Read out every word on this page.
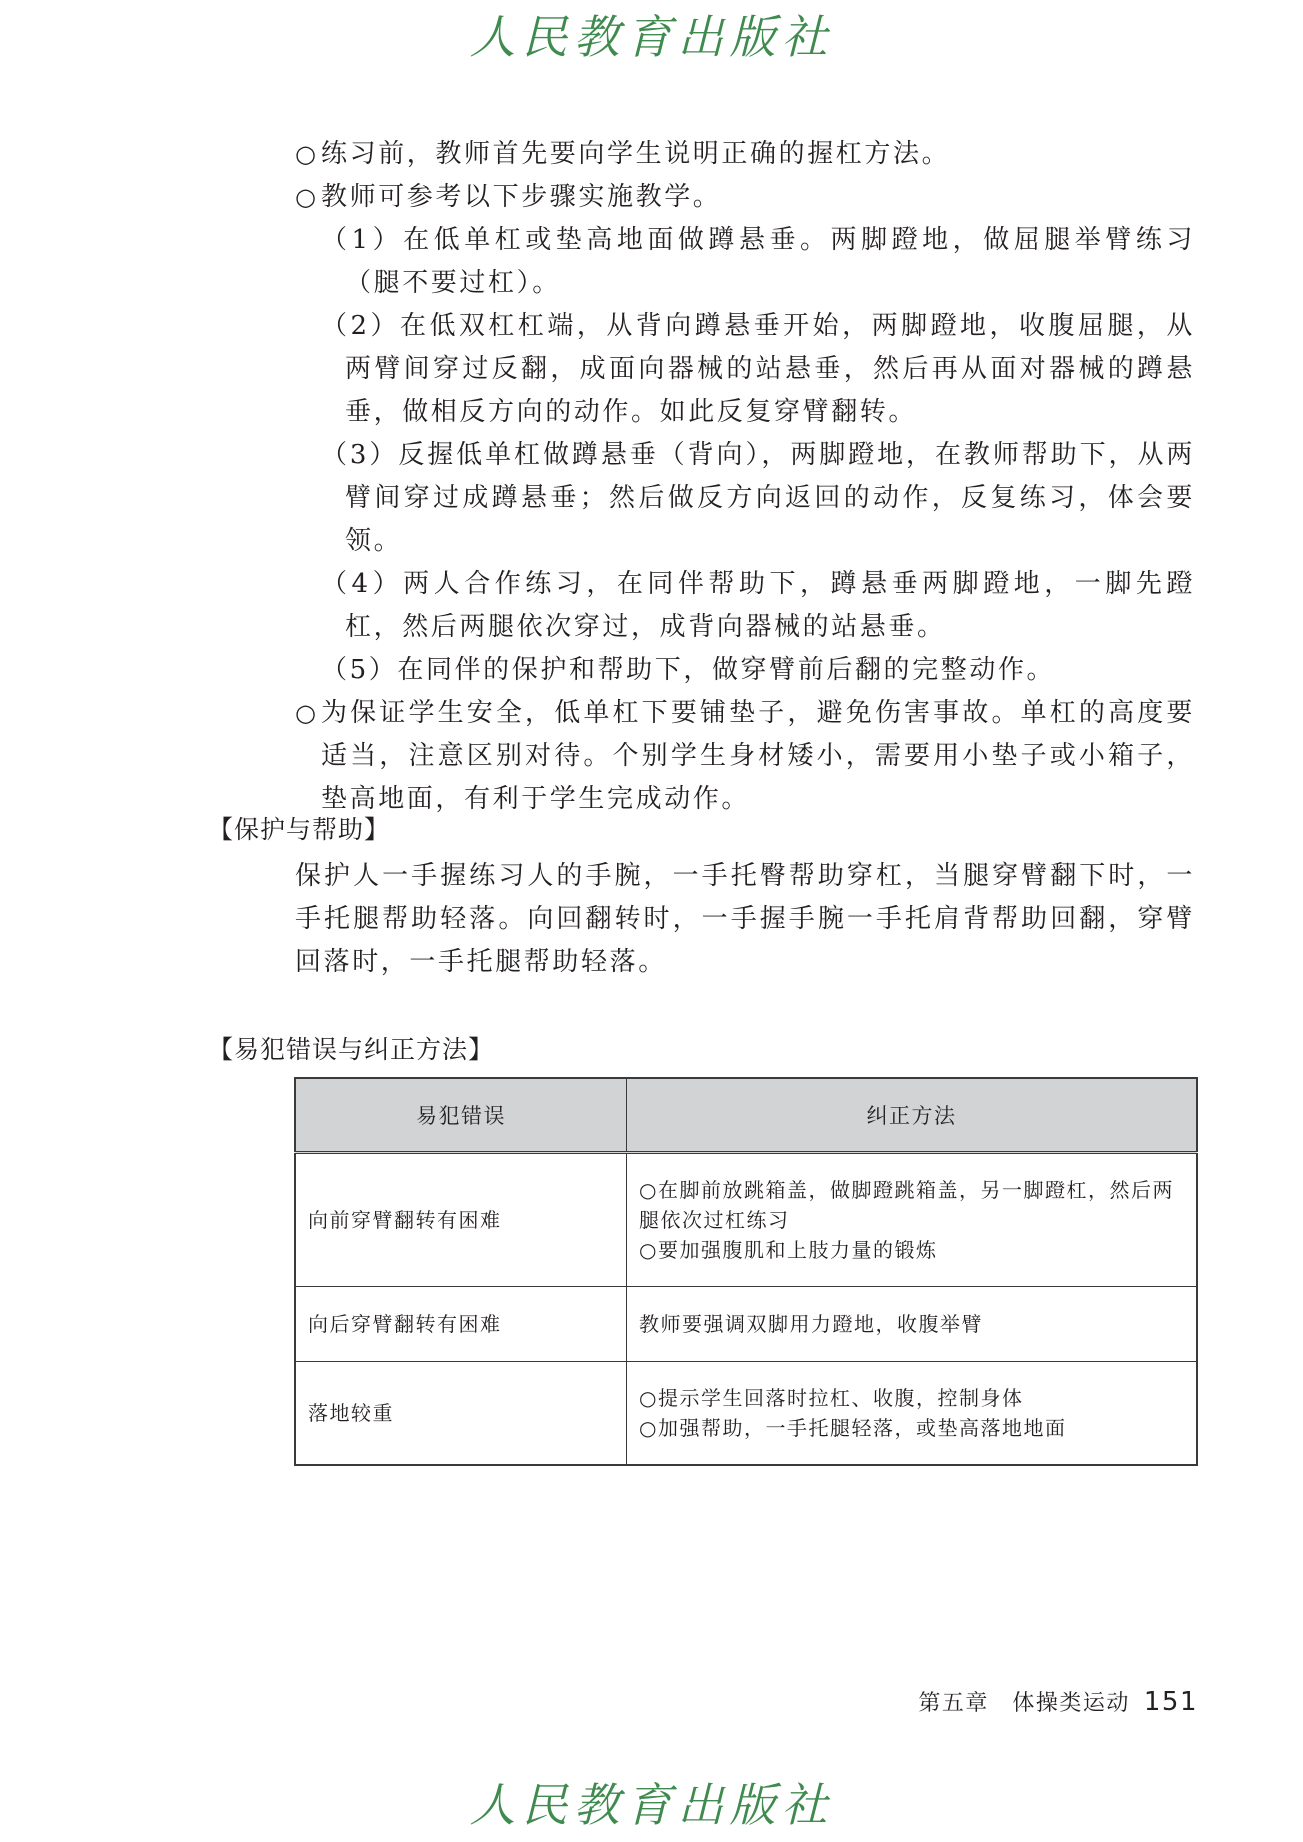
人民教育出版社

○ 练习前，教师首先要向学生说明正确的握杠方法。

○ 教师可参考以下步骤实施教学。

（1）在低单杠或垫高地面做蹲悬垂。两脚蹬地，做屈腿举臂练习（腿不要过杠）。

（2）在低双杠杠端，从背向蹲悬垂开始，两脚蹬地，收腹屈腿，从两臂间穿过反翻，成面向器械的站悬垂，然后再从面对器械的蹲悬垂，做相反方向的动作。如此反复穿臂翻转。

（3）反握低单杠做蹲悬垂（背向），两脚蹬地，在教师帮助下，从两臂间穿过成蹲悬垂；然后做反方向返回的动作，反复练习，体会要领。

（4）两人合作练习，在同伴帮助下，蹲悬垂两脚蹬地，一脚先蹬杠，然后两腿依次穿过，成背向器械的站悬垂。

（5）在同伴的保护和帮助下，做穿臂前后翻的完整动作。

○ 为保证学生安全，低单杠下要铺垫子，避免伤害事故。单杠的高度要适当，注意区别对待。个别学生身材矮小，需要用小垫子或小箱子，垫高地面，有利于学生完成动作。

【保护与帮助】

保护人一手握练习人的手腕，一手托臀帮助穿杠，当腿穿臂翻下时，一手托腿帮助轻落。向回翻转时，一手握手腕一手托肩背帮助回翻，穿臂回落时，一手托腿帮助轻落。

【易犯错误与纠正方法】
易犯错误	纠正方法
向前穿臂翻转有困难	○在脚前放跳箱盖，做脚蹬跳箱盖，另一脚蹬杠，然后两腿依次过杠练习
○要加强腹肌和上肢力量的锻炼

向后穿臂翻转有困难	教师要强调双脚用力蹬地，收腹举臂

落地较重	○提示学生回落时拉杠、收腹，控制身体
○加强帮助，一手托腿轻落，或垫高落地地面
第五章　体操类运动 151
人民教育出版社
